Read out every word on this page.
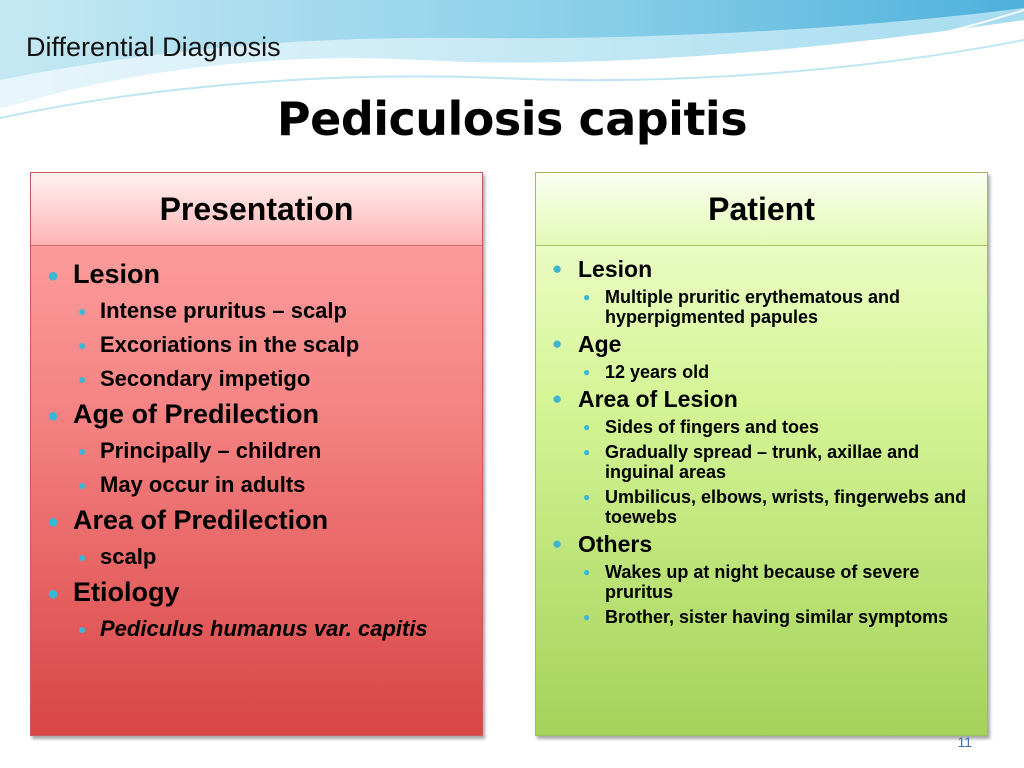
Differential Diagnosis
Pediculosis capitis
Presentation
● Lesion
● Intense pruritus – scalp
● Excoriations in the scalp
● Secondary impetigo
● Age of Predilection
● Principally – children
● May occur in adults
● Area of Predilection
● scalp
● Etiology
● Pediculus humanus var. capitis
Patient
● Lesion
● Multiple pruritic erythematous and hyperpigmented papules
● Age
● 12 years old
● Area of Lesion
● Sides of fingers and toes
● Gradually spread – trunk, axillae and inguinal areas
● Umbilicus, elbows, wrists, fingerwebs and toewebs
● Others
● Wakes up at night because of severe pruritus
● Brother, sister having similar symptoms
11
